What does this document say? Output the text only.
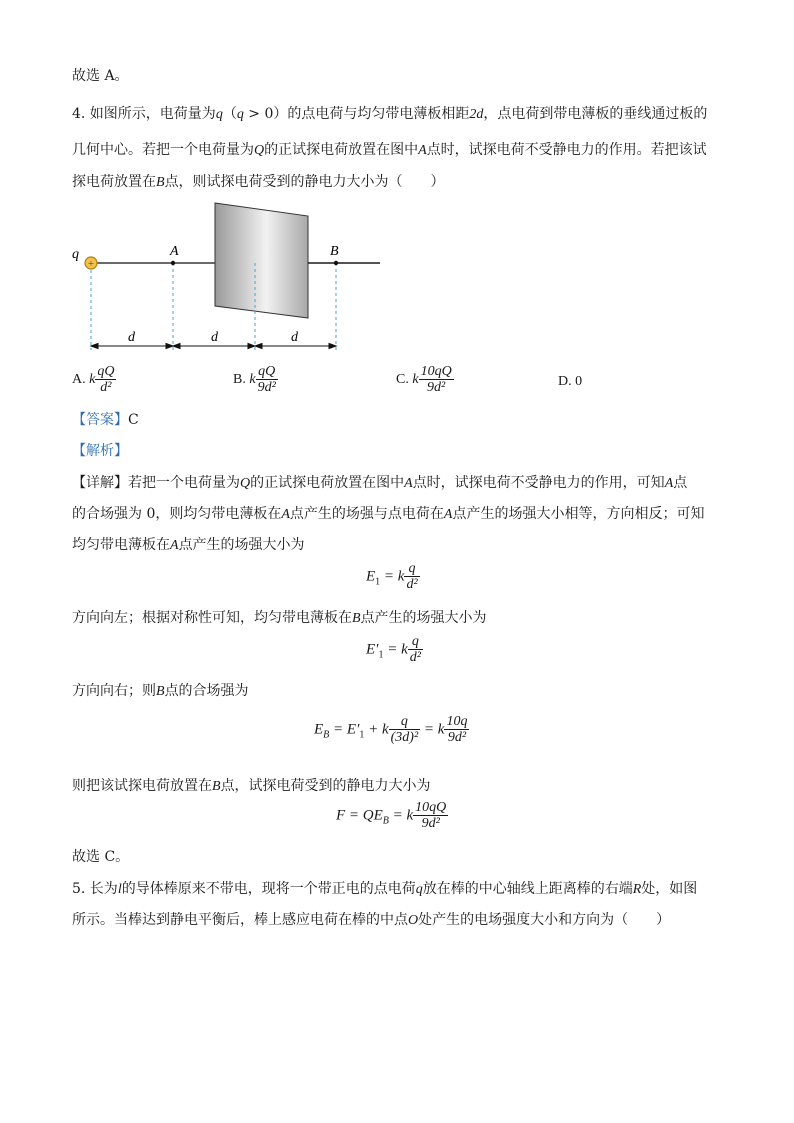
故选 A。
4. 如图所示，电荷量为q（q > 0）的点电荷与均匀带电薄板相距2d，点电荷到带电薄板的垂线通过板的
几何中心。若把一个电荷量为Q的正试探电荷放置在图中A点时，试探电荷不受静电力的作用。若把该试
探电荷放置在B点，则试探电荷受到的静电力大小为（　　）
+
q	A	B
d	d	d
A. k $\frac{qQ}{\text{d²}}$	B. k $\frac{qQ}{\text{9d²}}$	C. k $\frac{10qQ}{\text{9d²}}$	D. 0
【答案】C
【解析】
【详解】若把一个电荷量为Q的正试探电荷放置在图中A点时，试探电荷不受静电力的作用，可知A点
的合场强为 0，则均匀带电薄板在A点产生的场强与点电荷在A点产生的场强大小相等，方向相反；可知
均匀带电薄板在A点产生的场强大小为
$E_1 = k \frac{q}{\text{d²}}$
方向向左；根据对称性可知，均匀带电薄板在B点产生的场强大小为
$E'_1 = k \frac{q}{\text{d²}}$
方向向右；则B点的合场强为
$E_B = E'_1 + k \frac{q}{\text{(3d)²}} = k \frac{10q}{\text{9d²}}$
则把该试探电荷放置在B点，试探电荷受到的静电力大小为
$F = QE_B = k \frac{10qQ}{\text{9d²}}$
故选 C。
5. 长为l的导体棒原来不带电，现将一个带正电的点电荷q放在棒的中心轴线上距离棒的右端R处，如图
所示。当棒达到静电平衡后，棒上感应电荷在棒的中点O处产生的电场强度大小和方向为（　　）
